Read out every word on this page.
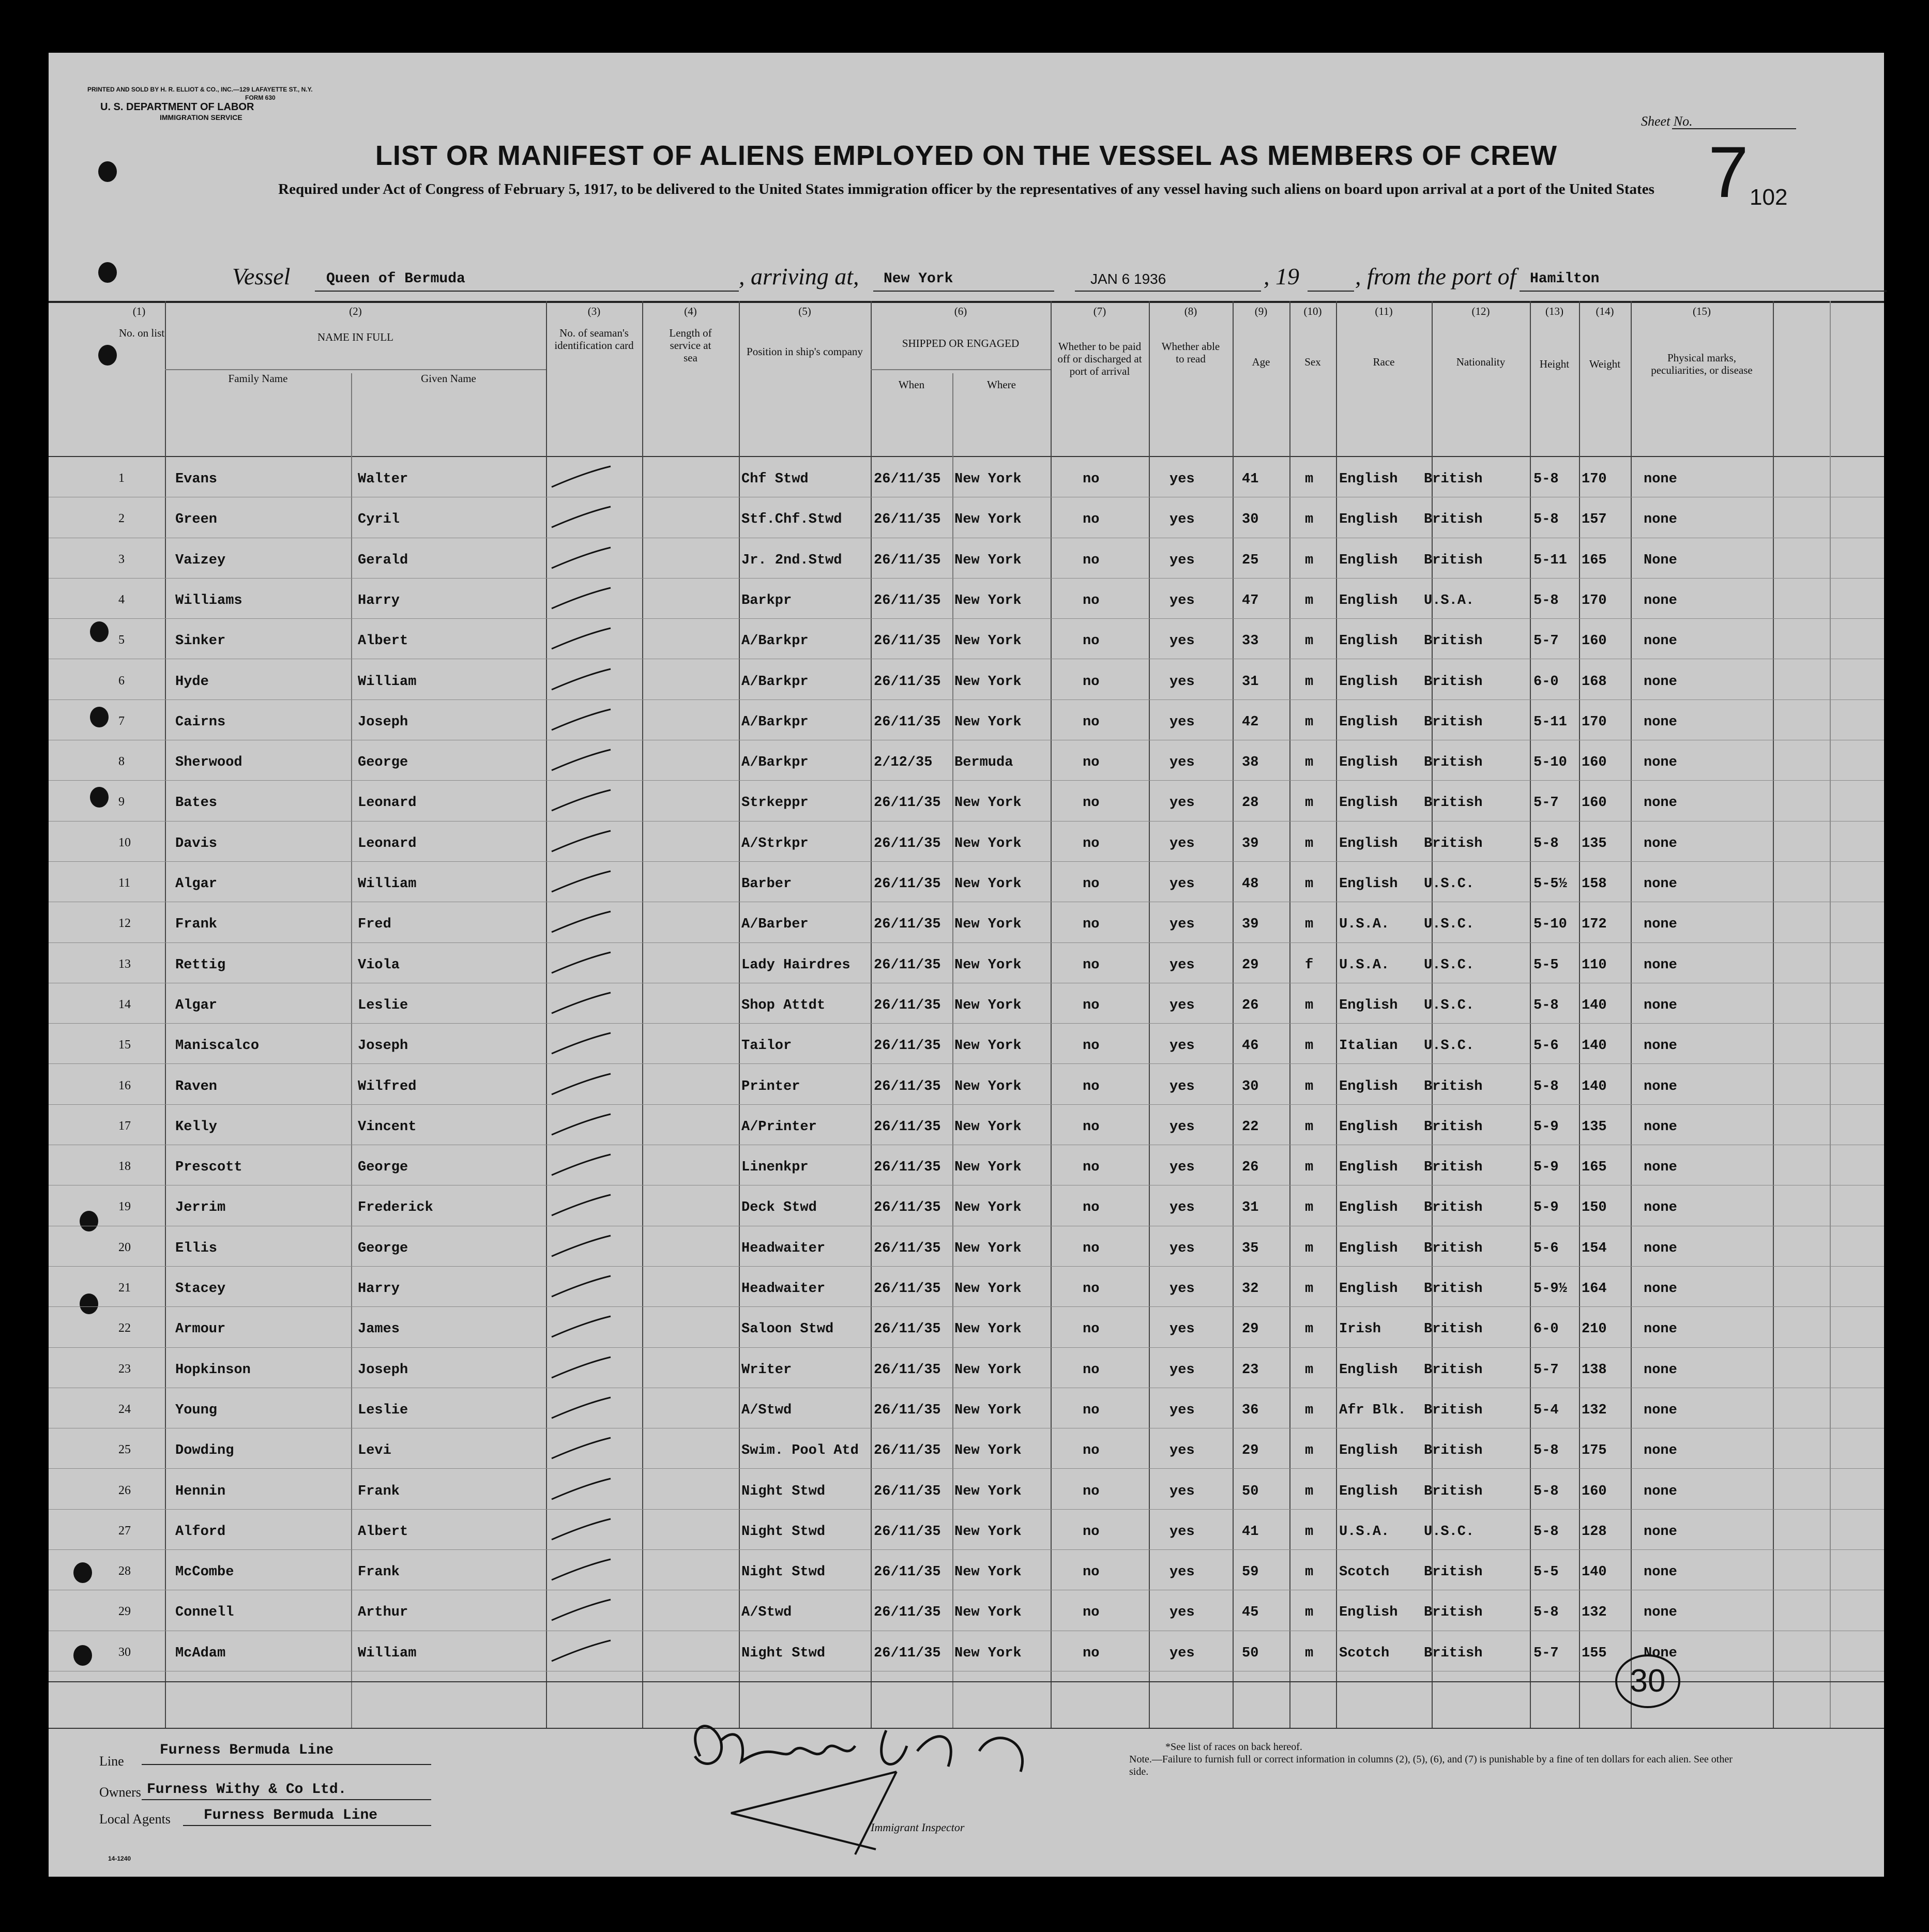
PRINTED AND SOLD BY H. R. ELLIOT & CO., INC.—129 LAFAYETTE ST., N.Y.
FORM 630
U. S. DEPARTMENT OF LABOR
IMMIGRATION SERVICE	Sheet No.
7 102
LIST OR MANIFEST OF ALIENS EMPLOYED ON THE VESSEL AS MEMBERS OF CREW
Required under Act of Congress of February 5, 1917, to be delivered to the United States immigration officer by the representatives of any vessel having such aliens on board upon arrival at a port of the United States
Vessel Queen of Bermuda	, arriving at, New York	JAN 6 1936	, 19 , from the port of Hamilton
(1)
No. on list
(2)
NAME IN FULL
Family Name	Given Name
(3)
No. of seaman's identification card
(4)
Length of service at sea
(5)
Position in ship's company
(6)
SHIPPED OR ENGAGED
When	Where
(7)
Whether to be paid off or discharged at port of arrival
(8)
Whether able to read
(9)
Age
(10)
Sex
(11)
Race
(12)
Nationality
(13)
Height
(14)
Weight
(15)
Physical marks, peculiarities, or disease
1	Evans	Walter	Chf Stwd	26/11/35 New York	no	yes	41	m English British	5-8 170	none
2	Green	Cyril	Stf.Chf.Stwd 26/11/35 New York	no	yes	30	m English British	5-8 157	none
3	Vaizey	Gerald	Jr. 2nd.Stwd 26/11/35 New York	no	yes	25	m English British	5-11 165	None
4	Williams	Harry	Barkpr	26/11/35 New York	no	yes	47	m English U.S.A.	5-8 170	none
5	Sinker	Albert	A/Barkpr	26/11/35 New York	no	yes	33	m English British	5-7 160	none
6	Hyde	William	A/Barkpr	26/11/35 New York	no	yes	31	m English British	6-0 168	none
7	Cairns	Joseph	A/Barkpr	26/11/35 New York	no	yes	42	m English British	5-11 170	none
8	Sherwood	George	A/Barkpr	2/12/35 Bermuda	no	yes	38	m English British	5-10 160	none
9	Bates	Leonard	Strkeppr	26/11/35 New York	no	yes	28	m English British	5-7 160	none
10	Davis	Leonard	A/Strkpr	26/11/35 New York	no	yes	39	m English British	5-8 135	none
11	Algar	William	Barber	26/11/35 New York	no	yes	48	m English U.S.C.	5-5½ 158	none
12	Frank	Fred	A/Barber	26/11/35 New York	no	yes	39	m U.S.A. U.S.C.	5-10 172	none
13	Rettig	Viola	Lady Hairdres 26/11/35 New York	no	yes	29	f U.S.A. U.S.C.	5-5 110	none
14	Algar	Leslie	Shop Attdt	26/11/35 New York	no	yes	26	m English U.S.C.	5-8 140	none
15	Maniscalco	Joseph	Tailor	26/11/35 New York	no	yes	46	m Italian U.S.C.	5-6 140	none
16	Raven	Wilfred	Printer	26/11/35 New York	no	yes	30	m English British	5-8 140	none
17	Kelly	Vincent	A/Printer	26/11/35 New York	no	yes	22	m English British	5-9 135	none
18	Prescott	George	Linenkpr	26/11/35 New York	no	yes	26	m English British	5-9 165	none
19	Jerrim	Frederick	Deck Stwd	26/11/35 New York	no	yes	31	m English British	5-9 150	none
20	Ellis	George	Headwaiter	26/11/35 New York	no	yes	35	m English British	5-6 154	none
21	Stacey	Harry	Headwaiter	26/11/35 New York	no	yes	32	m English British	5-9½ 164	none
22	Armour	James	Saloon Stwd	26/11/35 New York	no	yes	29	m Irish	British	6-0 210	none
23	Hopkinson	Joseph	Writer	26/11/35 New York	no	yes	23	m English British	5-7 138	none
24	Young	Leslie	A/Stwd	26/11/35 New York	no	yes	36	m Afr Blk. British	5-4 132	none
25	Dowding	Levi	Swim. Pool Atd 26/11/35 New York	no	yes	29	m English British	5-8 175	none
26	Hennin	Frank	Night Stwd	26/11/35 New York	no	yes	50	m English British	5-8 160	none
27	Alford	Albert	Night Stwd	26/11/35 New York	no	yes	41	m U.S.A. U.S.C.	5-8 128	none
28	McCombe	Frank	Night Stwd	26/11/35 New York	no	yes	59	m Scotch British	5-5 140	none
29	Connell	Arthur	A/Stwd	26/11/35 New York	no	yes	45	m English British	5-8 132	none
30	McAdam	William	Night Stwd	26/11/35 New York	no	yes	50	m Scotch British	5-7 155	None
30
Line
Furness Bermuda Line
Owners Furness Withy & Co Ltd.
Local Agents Furness Bermuda Line
14-1240
Immigrant Inspector
*See list of races on back hereof.
Note.—Failure to furnish full or correct information in columns (2), (5), (6), and (7) is punishable by a fine of ten dollars for each alien. See other side.
